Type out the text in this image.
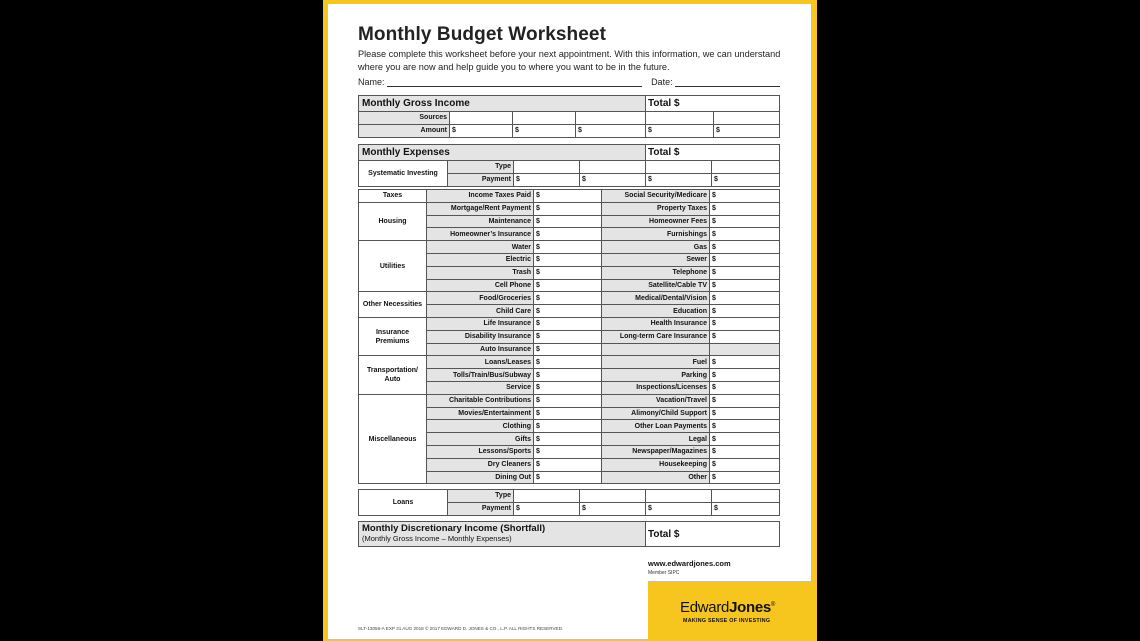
Monthly Budget Worksheet
Please complete this worksheet before your next appointment. With this information, we can understand where you are now and help guide you to where you want to be in the future.
Name:	Date:
Monthly Gross Income				Total $	
Sources					
Amount	$	$	$	$	$
Monthly Expenses				Total $	
Systematic Investing	Type				
	Payment	$	$	$	$
Taxes	Income Taxes Paid	$	Social Security/Medicare	$
Housing	Mortgage/Rent Payment	$	Property Taxes	$
	Maintenance	$	Homeowner Fees	$
	Homeowner’s Insurance	$	Furnishings	$
Utilities	Water	$	Gas	$
	Electric	$	Sewer	$
	Trash	$	Telephone	$
	Cell Phone	$	Satellite/Cable TV	$
Other Necessities	Food/Groceries	$	Medical/Dental/Vision	$
	Child Care	$	Education	$
Insurance Premiums	Life Insurance	$	Health Insurance	$
	Disability Insurance	$	Long-term Care Insurance	$
	Auto Insurance	$		
Transportation/ Auto	Loans/Leases	$	Fuel	$
	Tolls/Train/Bus/Subway	$	Parking	$
	Service	$	Inspections/Licenses	$
Miscellaneous	Charitable Contributions	$	Vacation/Travel	$
	Movies/Entertainment	$	Alimony/Child Support	$
	Clothing	$	Other Loan Payments	$
	Gifts	$	Legal	$
	Lessons/Sports	$	Newspaper/Magazines	$
	Dry Cleaners	$	Housekeeping	$
	Dining Out	$	Other	$
Loans	Type				
	Payment	$	$	$	$
Monthly Discretionary Income (Shortfall)
(Monthly Gross Income – Monthly Expenses)	Total $
www.edwardjones.com
Member SIPC
SLT-13056-A EXP 31 AUG 2018 © 2017 EDWARD D. JONES & CO., L.P. ALL RIGHTS RESERVED.
EdwardJones®
MAKING SENSE OF INVESTING
